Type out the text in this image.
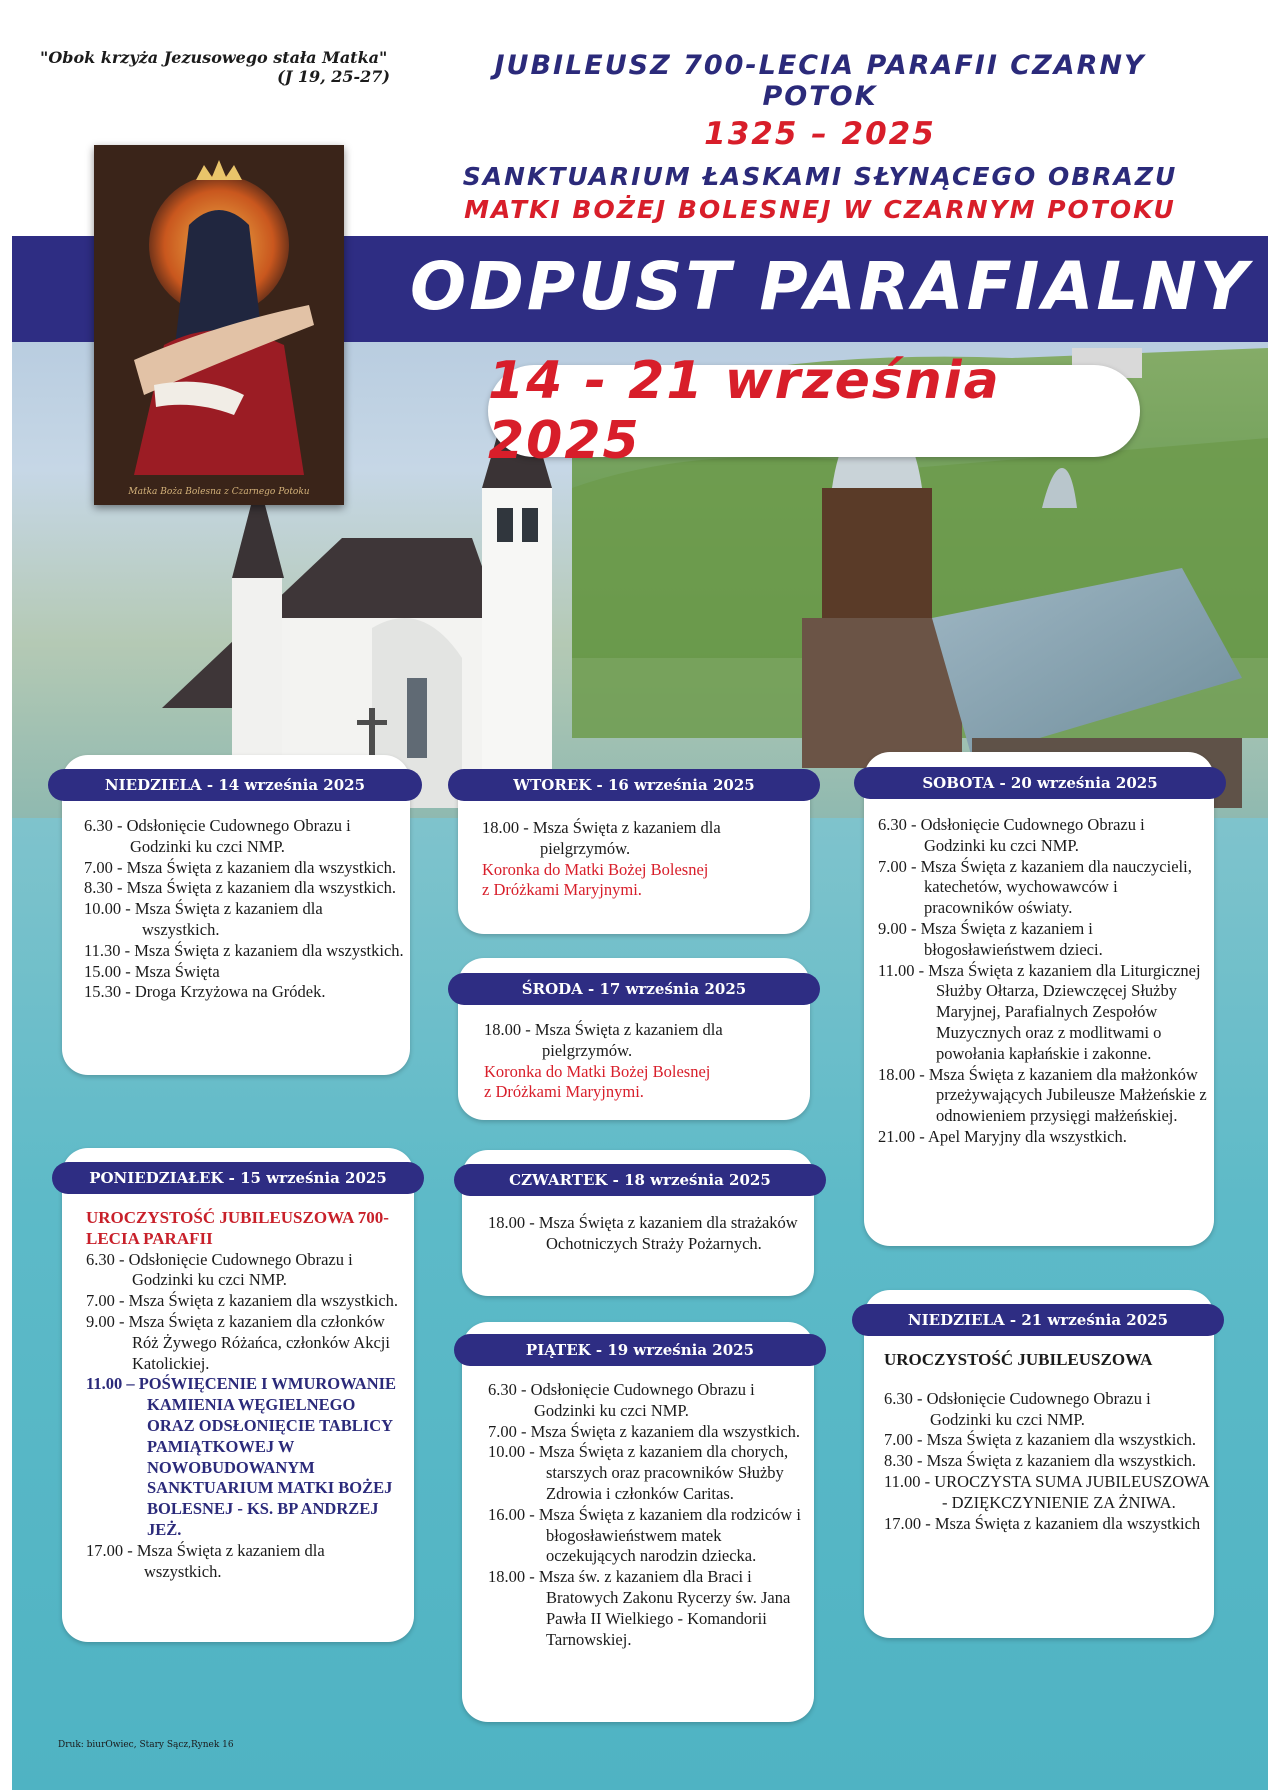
"Obok krzyża Jezusowego stała Matka"
(J 19, 25-27)	JUBILEUSZ 700-LECIA PARAFII CZARNY POTOK
1325 – 2025
SANKTUARIUM ŁASKAMI SŁYNĄCEGO OBRAZU
MATKI BOŻEJ BOLESNEJ W CZARNYM POTOKU
ODPUST PARAFIALNY
14 - 21 września 2025
Matka Boża Bolesna z Czarnego Potoku
NIEDZIELA - 14 września 2025
6.30 - Odsłonięcie Cudownego Obrazu i Godzinki ku czci NMP.
7.00 - Msza Święta z kazaniem dla wszystkich.
8.30 - Msza Święta z kazaniem dla wszystkich.
10.00 - Msza Święta z kazaniem dla wszystkich.
11.30 - Msza Święta z kazaniem dla wszystkich.
15.00 - Msza Święta
15.30 - Droga Krzyżowa na Gródek.
PONIEDZIAŁEK - 15 września 2025
UROCZYSTOŚĆ JUBILEUSZOWA 700-LECIA PARAFII
6.30 - Odsłonięcie Cudownego Obrazu i Godzinki ku czci NMP.
7.00 - Msza Święta z kazaniem dla wszystkich.
9.00 - Msza Święta z kazaniem dla członków Róż Żywego Różańca, członków Akcji Katolickiej.
11.00 – POŚWIĘCENIE I WMUROWANIE KAMIENIA WĘGIELNEGO ORAZ ODSŁONIĘCIE TABLICY PAMIĄTKOWEJ W NOWOBUDOWANYM SANKTUARIUM MATKI BOŻEJ BOLESNEJ - KS. BP ANDRZEJ JEŻ.
17.00 - Msza Święta z kazaniem dla wszystkich.
WTOREK - 16 września 2025
18.00 - Msza Święta z kazaniem dla pielgrzymów.
Koronka do Matki Bożej Bolesnej
z Dróżkami Maryjnymi.
ŚRODA - 17 września 2025
18.00 - Msza Święta z kazaniem dla pielgrzymów.
Koronka do Matki Bożej Bolesnej
z Dróżkami Maryjnymi.
CZWARTEK - 18 września 2025
18.00 - Msza Święta z kazaniem dla strażaków Ochotniczych Straży Pożarnych.
PIĄTEK - 19 września 2025
6.30 - Odsłonięcie Cudownego Obrazu i Godzinki ku czci NMP.
7.00 - Msza Święta z kazaniem dla wszystkich.
10.00 - Msza Święta z kazaniem dla chorych, starszych oraz pracowników Służby Zdrowia i członków Caritas.
16.00 - Msza Święta z kazaniem dla rodziców i błogosławieństwem matek oczekujących narodzin dziecka.
18.00 - Msza św. z kazaniem dla Braci i Bratowych Zakonu Rycerzy św. Jana Pawła II Wielkiego - Komandorii Tarnowskiej.
SOBOTA - 20 września 2025
6.30 - Odsłonięcie Cudownego Obrazu i Godzinki ku czci NMP.
7.00 - Msza Święta z kazaniem dla nauczycieli, katechetów, wychowawców i pracowników oświaty.
9.00 - Msza Święta z kazaniem i błogosławieństwem dzieci.
11.00 - Msza Święta z kazaniem dla Liturgicznej Służby Ołtarza, Dziewczęcej Służby Maryjnej, Parafialnych Zespołów Muzycznych oraz z modlitwami o powołania kapłańskie i zakonne.
18.00 - Msza Święta z kazaniem dla małżonków przeżywających Jubileusze Małżeńskie z odnowieniem przysięgi małżeńskiej.
21.00 - Apel Maryjny dla wszystkich.
NIEDZIELA - 21 września 2025
UROCZYSTOŚĆ JUBILEUSZOWA
6.30 - Odsłonięcie Cudownego Obrazu i Godzinki ku czci NMP.
7.00 - Msza Święta z kazaniem dla wszystkich.
8.30 - Msza Święta z kazaniem dla wszystkich.
11.00 - UROCZYSTA SUMA JUBILEUSZOWA - DZIĘKCZYNIENIE ZA ŻNIWA.
17.00 - Msza Święta z kazaniem dla wszystkich
Druk: biurOwiec, Stary Sącz,Rynek 16
